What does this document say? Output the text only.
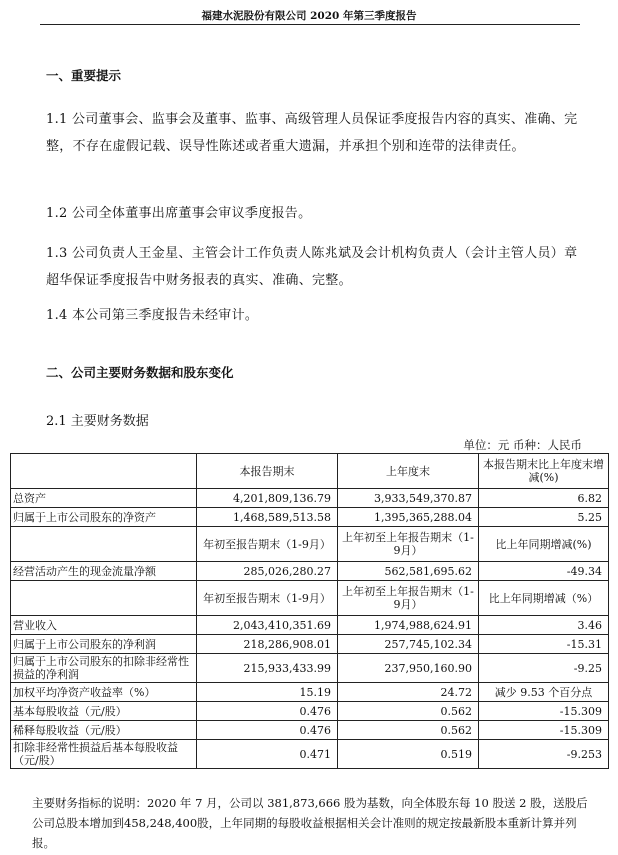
福建水泥股份有限公司 2020 年第三季度报告
一、重要提示
1.1 公司董事会、监事会及董事、监事、高级管理人员保证季度报告内容的真实、准确、完整，不存在虚假记载、误导性陈述或者重大遗漏，并承担个别和连带的法律责任。
1.2 公司全体董事出席董事会审议季度报告。
1.3 公司负责人王金星、主管会计工作负责人陈兆斌及会计机构负责人（会计主管人员）章超华保证季度报告中财务报表的真实、准确、完整。
1.4 本公司第三季度报告未经审计。
二、公司主要财务数据和股东变化
2.1 主要财务数据
单位：元 币种：人民币
	本报告期末	上年度末	本报告期末比上年度末增减(%)
总资产	4,201,809,136.79	3,933,549,370.87	6.82
归属于上市公司股东的净资产	1,468,589,513.58	1,395,365,288.04	5.25
	年初至报告期末（1-9月）	上年初至上年报告期末（1-9月）	比上年同期增减(%)
经营活动产生的现金流量净额	285,026,280.27	562,581,695.62	-49.34
	年初至报告期末（1-9月）	上年初至上年报告期末（1-9月）	比上年同期增减（%）
营业收入	2,043,410,351.69	1,974,988,624.91	3.46
归属于上市公司股东的净利润	218,286,908.01	257,745,102.34	-15.31
归属于上市公司股东的扣除非经常性损益的净利润	215,933,433.99	237,950,160.90	-9.25
加权平均净资产收益率（%）	15.19	24.72	减少 9.53 个百分点
基本每股收益（元/股）	0.476	0.562	-15.309
稀释每股收益（元/股）	0.476	0.562	-15.309
扣除非经常性损益后基本每股收益（元/股）	0.471	0.519	-9.253
主要财务指标的说明：2020 年 7 月，公司以 381,873,666 股为基数，向全体股东每 10 股送 2 股，送股后公司总股本增加到458,248,400股，上年同期的每股收益根据相关会计准则的规定按最新股本重新计算并列报。
